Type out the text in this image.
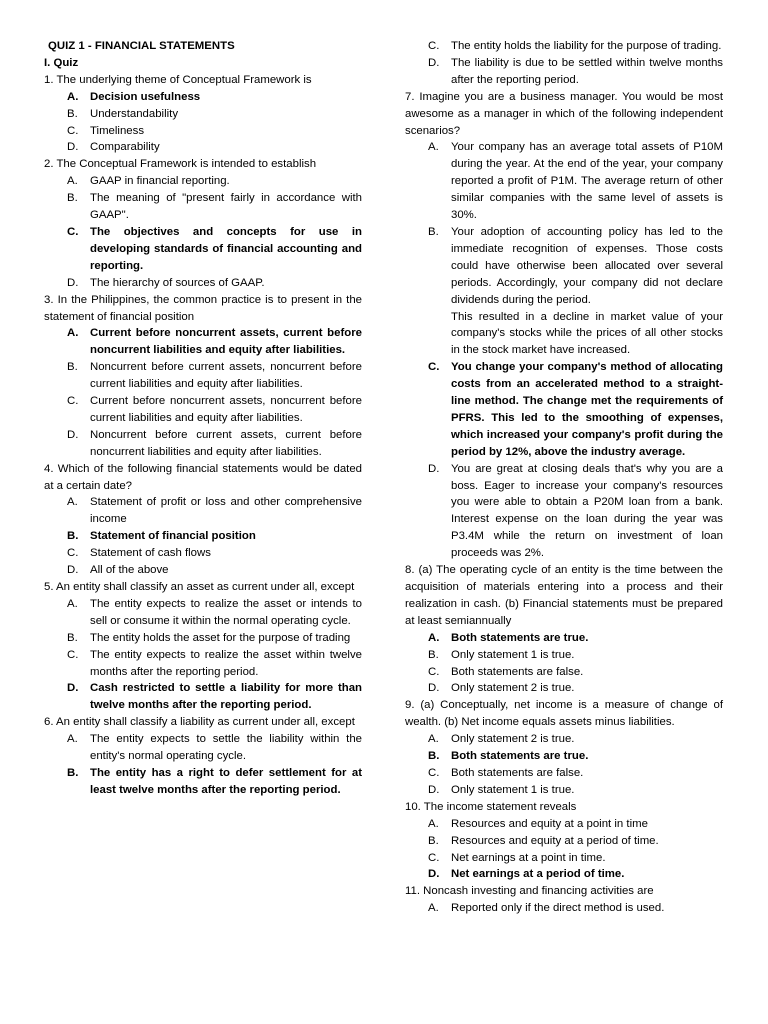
QUIZ 1 - FINANCIAL STATEMENTS
I. Quiz
1. The underlying theme of Conceptual Framework is
A.	Decision usefulness
B.	Understandability
C.	Timeliness
D.	Comparability
2. The Conceptual Framework is intended to establish
A.	GAAP in financial reporting.
B.	The meaning of "present fairly in accordance with GAAP".
C.	The objectives and concepts for use in developing standards of financial accounting and reporting.
D.	The hierarchy of sources of GAAP.
3. In the Philippines, the common practice is to present in the statement of financial position
A.	Current before noncurrent assets, current before noncurrent liabilities and equity after liabilities.
B.	Noncurrent before current assets, noncurrent before current liabilities and equity after liabilities.
C.	Current before noncurrent assets, noncurrent before current liabilities and equity after liabilities.
D.	Noncurrent before current assets, current before noncurrent liabilities and equity after liabilities.
4. Which of the following financial statements would be dated at a certain date?
A.	Statement of profit or loss and other comprehensive income
B.	Statement of financial position
C.	Statement of cash flows
D.	All of the above
5. An entity shall classify an asset as current under all, except
A.	The entity expects to realize the asset or intends to sell or consume it within the normal operating cycle.
B.	The entity holds the asset for the purpose of trading
C.	The entity expects to realize the asset within twelve months after the reporting period.
D.	Cash restricted to settle a liability for more than twelve months after the reporting period.
6. An entity shall classify a liability as current under all, except
A.	The entity expects to settle the liability within the entity's normal operating cycle.
B.	The entity has a right to defer settlement for at least twelve months after the reporting period.
C.	The entity holds the liability for the purpose of trading.
D.	The liability is due to be settled within twelve months after the reporting period.
7. Imagine you are a business manager. You would be most awesome as a manager in which of the following independent scenarios?
A.	Your company has an average total assets of P10M during the year. At the end of the year, your company reported a profit of P1M. The average return of other similar companies with the same level of assets is 30%.
B.	Your adoption of accounting policy has led to the immediate recognition of expenses. Those costs could have otherwise been allocated over several periods. Accordingly, your company did not declare dividends during the period.
This resulted in a decline in market value of your company's stocks while the prices of all other stocks in the stock market have increased.
C.	You change your company's method of allocating costs from an accelerated method to a straight-line method. The change met the requirements of PFRS. This led to the smoothing of expenses, which increased your company's profit during the period by 12%, above the industry average.
D.	You are great at closing deals that's why you are a boss. Eager to increase your company's resources you were able to obtain a P20M loan from a bank. Interest expense on the loan during the year was P3.4M while the return on investment of loan proceeds was 2%.
8. (a) The operating cycle of an entity is the time between the acquisition of materials entering into a process and their realization in cash. (b) Financial statements must be prepared at least semiannually
A.	Both statements are true.
B.	Only statement 1 is true.
C.	Both statements are false.
D.	Only statement 2 is true.
9. (a) Conceptually, net income is a measure of change of wealth. (b) Net income equals assets minus liabilities.
A.	Only statement 2 is true.
B.	Both statements are true.
C.	Both statements are false.
D.	Only statement 1 is true.
10. The income statement reveals
A.	Resources and equity at a point in time
B.	Resources and equity at a period of time.
C.	Net earnings at a point in time.
D.	Net earnings at a period of time.
11. Noncash investing and financing activities are
A.	Reported only if the direct method is used.
